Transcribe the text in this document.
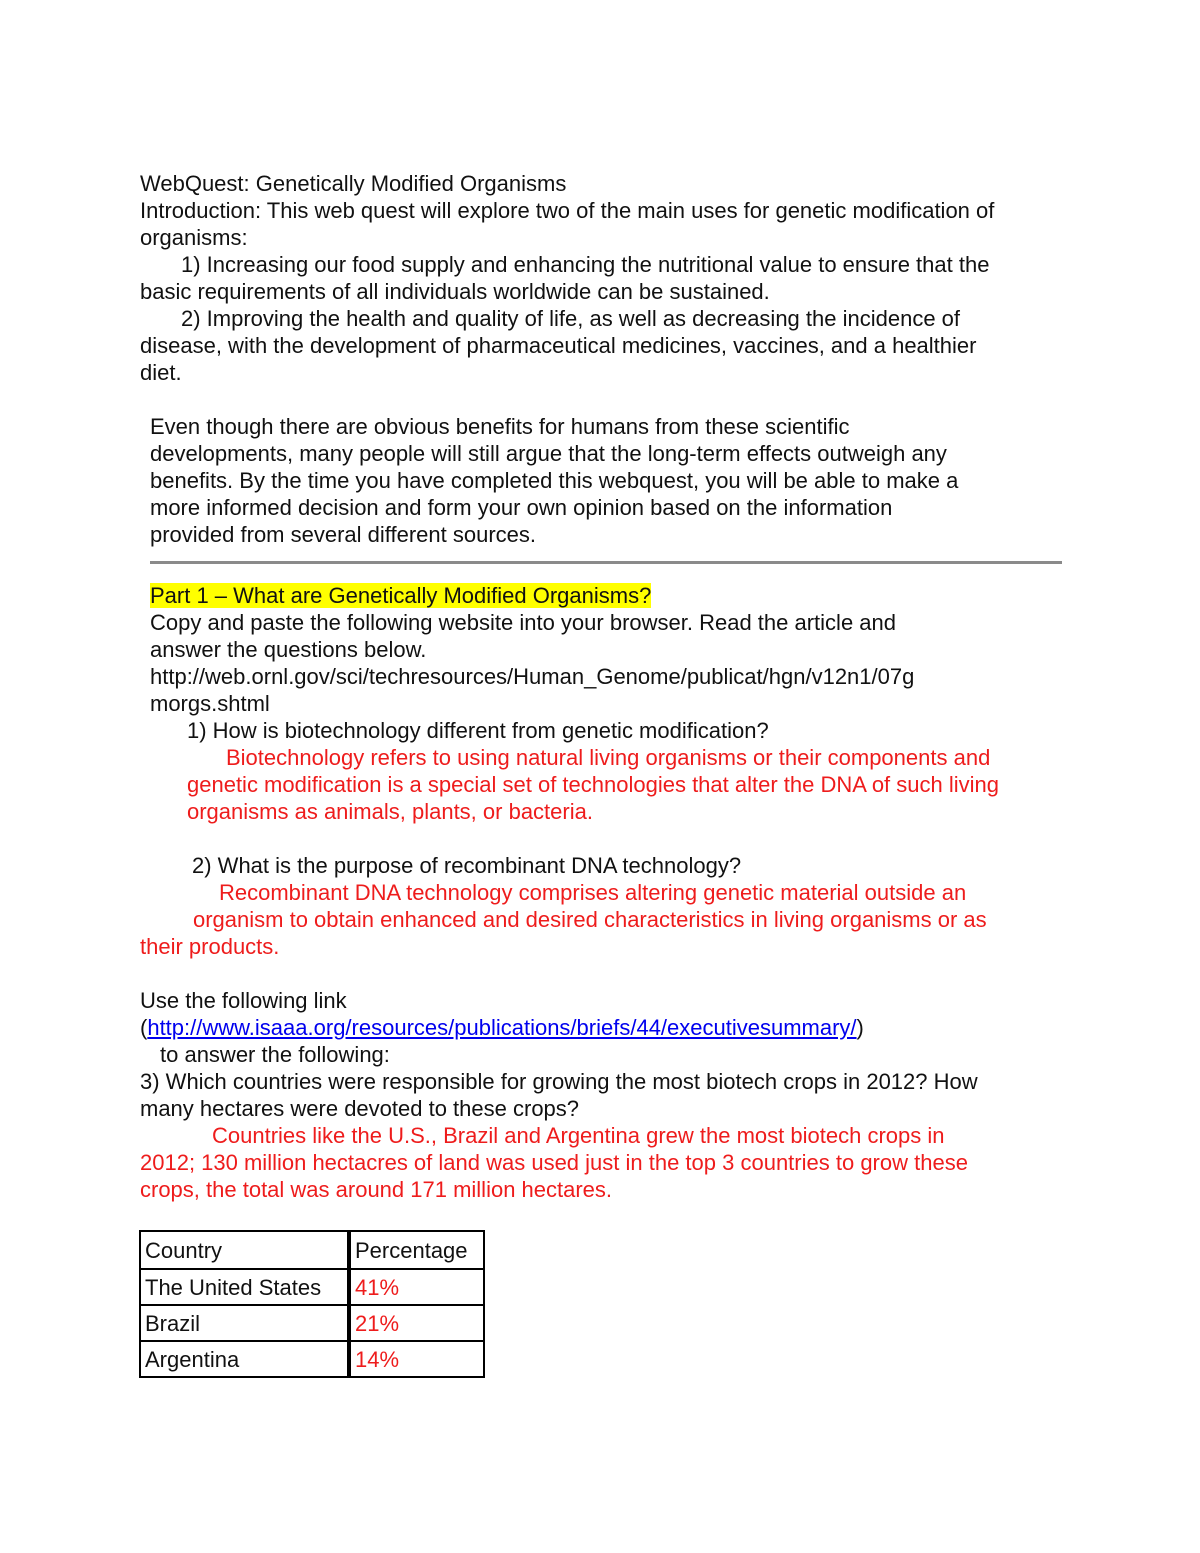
WebQuest: Genetically Modified Organisms
Introduction: This web quest will explore two of the main uses for genetic modification of
organisms:
1) Increasing our food supply and enhancing the nutritional value to ensure that the
basic requirements of all individuals worldwide can be sustained.
2) Improving the health and quality of life, as well as decreasing the incidence of
disease, with the development of pharmaceutical medicines, vaccines, and a healthier
diet.
Even though there are obvious benefits for humans from these scientific
developments, many people will still argue that the long-term effects outweigh any
benefits. By the time you have completed this webquest, you will be able to make a
more informed decision and form your own opinion based on the information
provided from several different sources.
Part 1 – What are Genetically Modified Organisms?
Copy and paste the following website into your browser. Read the article and
answer the questions below.
http://web.ornl.gov/sci/techresources/Human_Genome/publicat/hgn/v12n1/07g
morgs.shtml
1) How is biotechnology different from genetic modification?
Biotechnology refers to using natural living organisms or their components and
genetic modification is a special set of technologies that alter the DNA of such living
organisms as animals, plants, or bacteria.
2) What is the purpose of recombinant DNA technology?
Recombinant DNA technology comprises altering genetic material outside an
organism to obtain enhanced and desired characteristics in living organisms or as
their products.
Use the following link
(http://www.isaaa.org/resources/publications/briefs/44/executivesummary/)
to answer the following:
3) Which countries were responsible for growing the most biotech crops in 2012? How
many hectares were devoted to these crops?
Countries like the U.S., Brazil and Argentina grew the most biotech crops in
2012; 130 million hectacres of land was used just in the top 3 countries to grow these
crops, the total was around 171 million hectares.
Country	Percentage
The United States	41%
Brazil	21%
Argentina	14%
